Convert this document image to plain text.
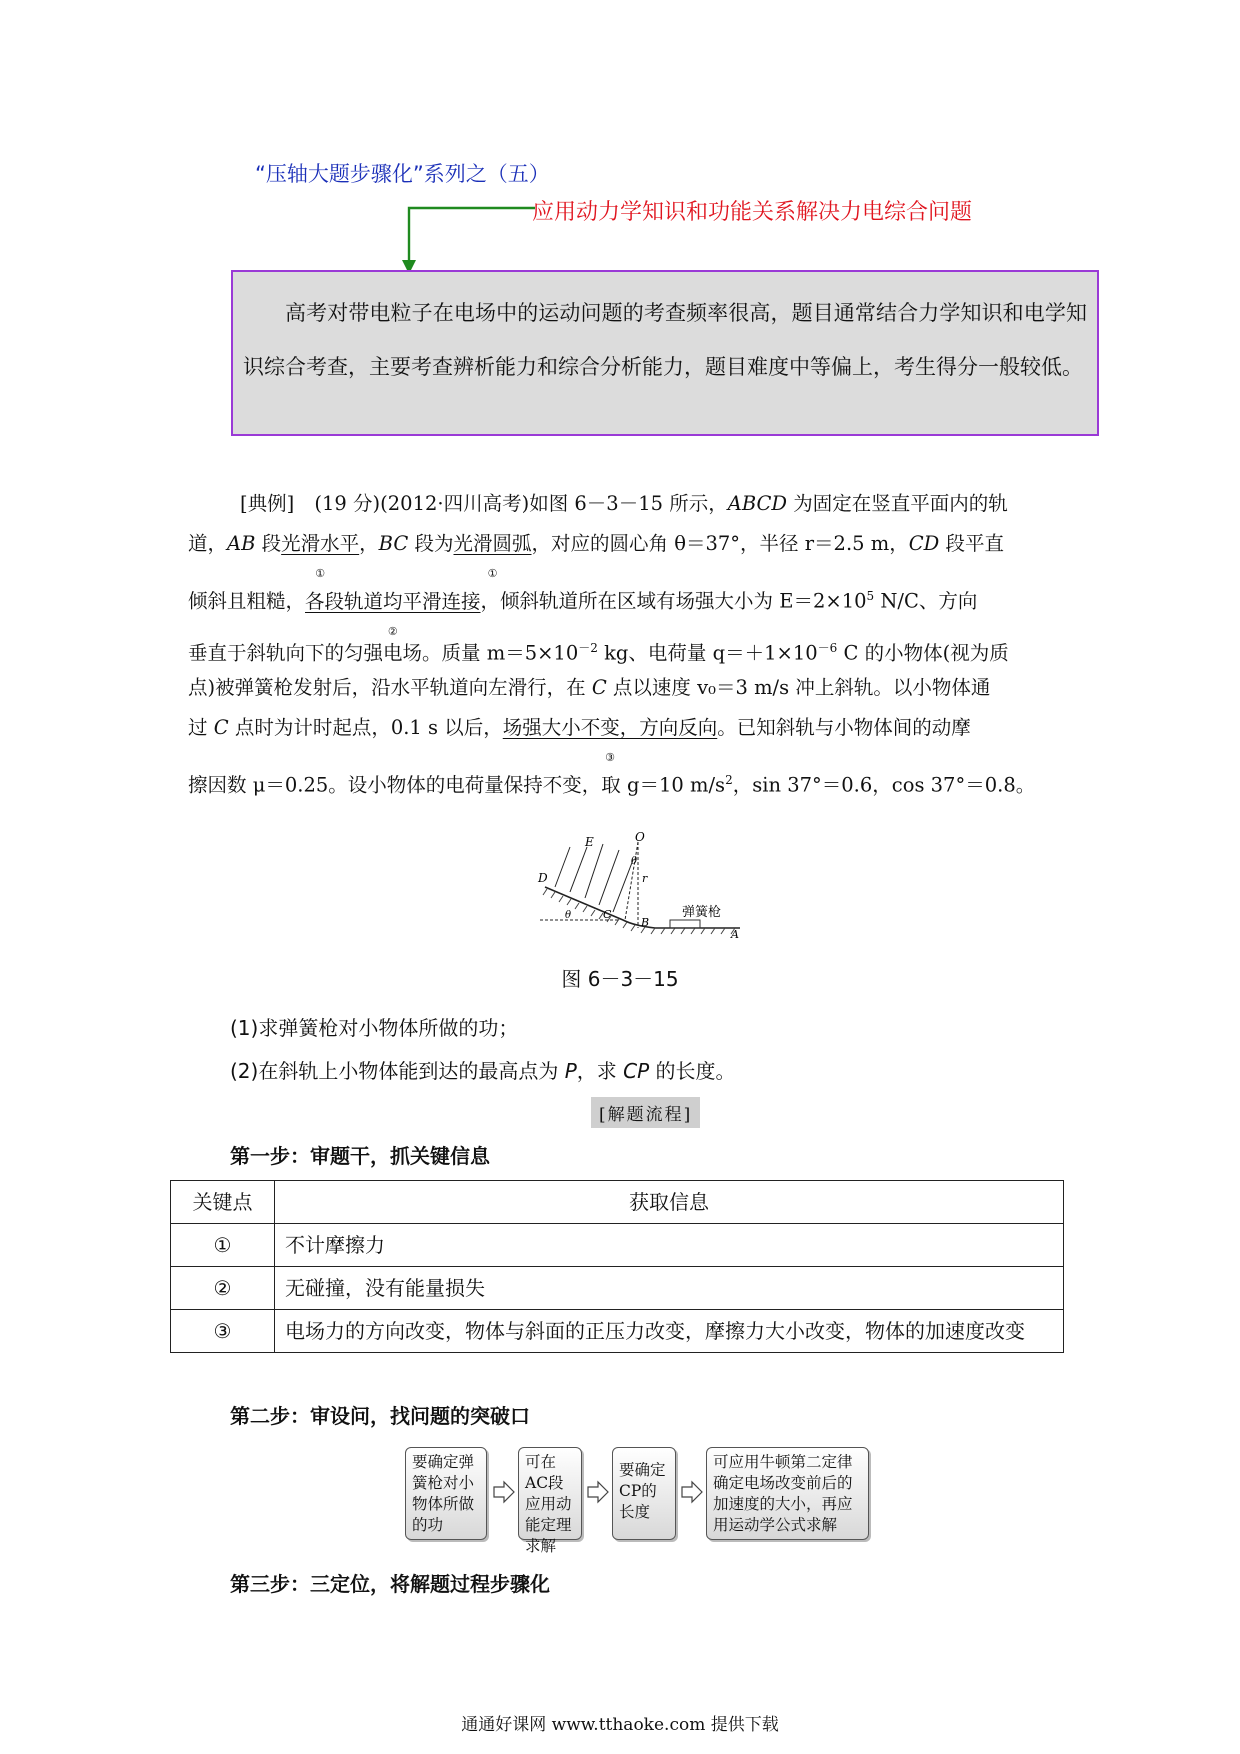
“压轴大题步骤化”系列之（五）
应用动力学知识和功能关系解决力电综合问题
高考对带电粒子在电场中的运动问题的考查频率很高，题目通常结合力学知识和电学知识综合考查，主要考查辨析能力和综合分析能力，题目难度中等偏上，考生得分一般较低。
[典例] (19 分)(2012·四川高考)如图 6－3－15 所示，ABCD 为固定在竖直平面内的轨
道，AB 段光滑水平
①
，BC 段为光滑圆弧
①
，对应的圆心角 θ＝37°，半径 r＝2.5 m，CD 段平直
倾斜且粗糙，各段轨道均平滑连接
②
，倾斜轨道所在区域有场强大小为 $E=2\times 10^5$ N/C、方向
垂直于斜轨向下的匀强电场。质量 $m=5\times 10^{-2}$ kg、电荷量 $q=+1\times 10^{-6}$ C 的小物体(视为质
点)被弹簧枪发射后，沿水平轨道向左滑行，在 C 点以速度 v₀＝3 m/s 冲上斜轨。以小物体通
过 C 点时为计时起点，0.1 s 以后，场强大小不变，方向反向
③
。已知斜轨与小物体间的动摩
擦因数 μ＝0.25。设小物体的电荷量保持不变，取 g＝10 $m/s^2$，sin 37°＝0.6，cos 37°＝0.8。
D
E	O
θ
r
θ	C
B
A
弹簧枪
图 6－3－15
(1)求弹簧枪对小物体所做的功；
(2)在斜轨上小物体能到达的最高点为 P，求 CP 的长度。
[解题流程]
第一步：审题干，抓关键信息
关键点	获取信息
①	不计摩擦力
②	无碰撞，没有能量损失
③	电场力的方向改变，物体与斜面的正压力改变，摩擦力大小改变，物体的加速度改变
第二步：审设问，找问题的突破口
要确定弹簧枪对小物体所做的功
可在AC段应用动能定理求解
要确定CP的长度
可应用牛顿第二定律确定电场改变前后的加速度的大小，再应用运动学公式求解
第三步：三定位，将解题过程步骤化
通通好课网 www.tthaoke.com 提供下载
